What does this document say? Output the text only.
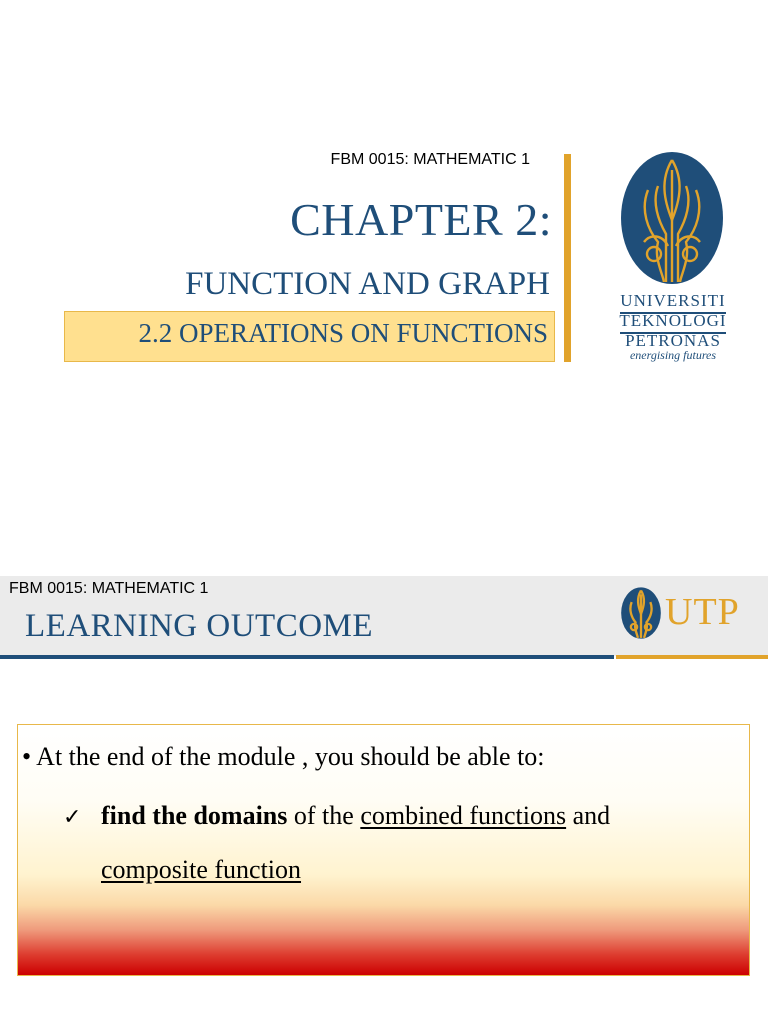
FBM 0015: MATHEMATIC 1
CHAPTER 2:
FUNCTION AND GRAPH
2.2 OPERATIONS ON FUNCTIONS
UNIVERSITI
TEKNOLOGI
PETRONAS
energising futures
FBM 0015: MATHEMATIC 1
LEARNING OUTCOME	UTP
• At the end of the module , you should be able to:
✓ find the domains of the combined functions and
composite function
